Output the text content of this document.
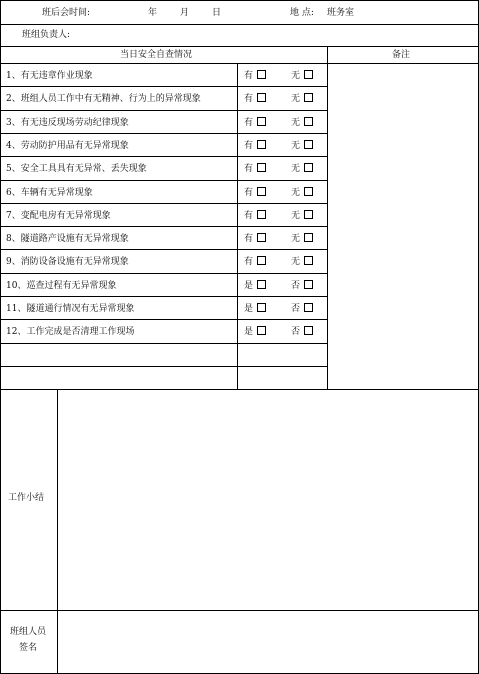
班后会时间:	年	月	日	地 点: 班务室
班组负责人:
当日安全自查情况	备注
1、有无违章作业现象	有	无
2、班组人员工作中有无精神、行为上的异常现象	有	无
3、有无违反现场劳动纪律现象	有	无
4、劳动防护用品有无异常现象	有	无
5、安全工具具有无异常、丢失现象	有	无
6、车辆有无异常现象	有	无
7、变配电房有无异常现象	有	无
8、隧道路产设施有无异常现象	有	无
9、消防设备设施有无异常现象	有	无
10、巡查过程有无异常现象	是	否
11、隧道通行情况有无异常现象	是	否
12、工作完成是否清理工作现场	是	否
工作小结
班组人员
签名
